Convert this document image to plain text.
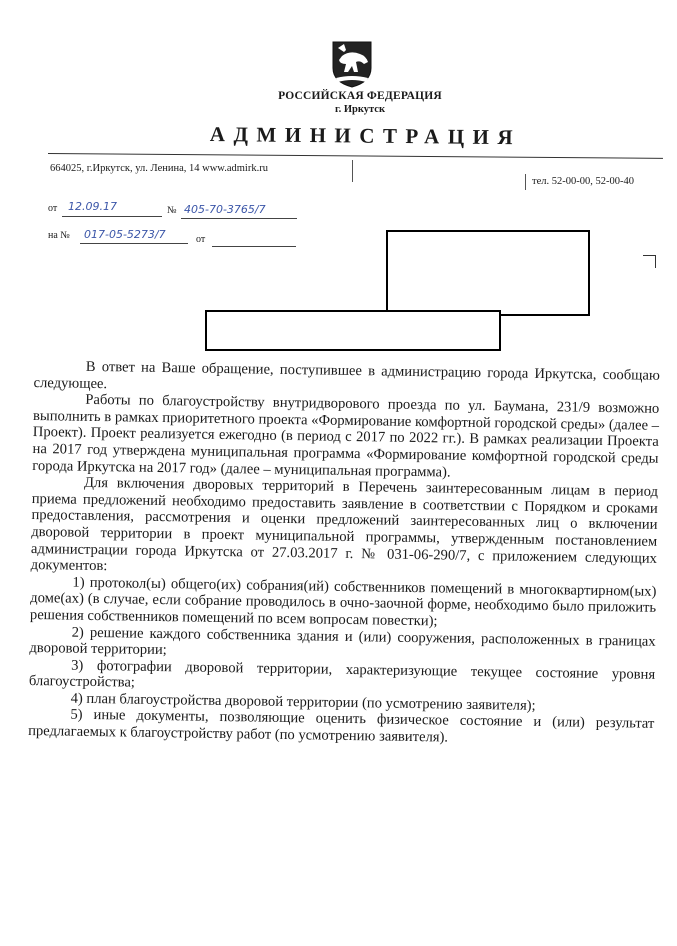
РОССИЙСКАЯ ФЕДЕРАЦИЯ
г. Иркутск
АДМИНИСТРАЦИЯ
664025, г.Иркутск, ул. Ленина, 14 www.admirk.ru
тел. 52-00-00, 52-00-40
от 12.09.17	№ 405-70-3765/7
на № 017-05-5273/7	от

В ответ на Ваше обращение, поступившее в администрацию города Иркутска, сообщаю следующее.

Работы по благоустройству внутридворового проезда по ул. Баумана, 231/9 возможно выполнить в рамках приоритетного проекта «Формирование комфортной городской среды» (далее – Проект). Проект реализуется ежегодно (в период с 2017 по 2022 гг.). В рамках реализации Проекта на 2017 год утверждена муниципальная программа «Формирование комфортной городской среды города Иркутска на 2017 год» (далее – муниципальная программа).

Для включения дворовых территорий в Перечень заинтересованным лицам в период приема предложений необходимо предоставить заявление в соответствии с Порядком и сроками предоставления, рассмотрения и оценки предложений заинтересованных лиц о включении дворовой территории в проект муниципальной программы, утвержденным постановлением администрации города Иркутска от 27.03.2017 г. № 031-06-290/7, с приложением следующих документов:

1) протокол(ы) общего(их) собрания(ий) собственников помещений в многоквартирном(ых) доме(ах) (в случае, если собрание проводилось в очно-заочной форме, необходимо было приложить решения собственников помещений по всем вопросам повестки);

2) решение каждого собственника здания и (или) сооружения, расположенных в границах дворовой территории;

3) фотографии дворовой территории, характеризующие текущее состояние уровня благоустройства;

4) план благоустройства дворовой территории (по усмотрению заявителя);

5) иные документы, позволяющие оценить физическое состояние и (или) результат предлагаемых к благоустройству работ (по усмотрению заявителя).
